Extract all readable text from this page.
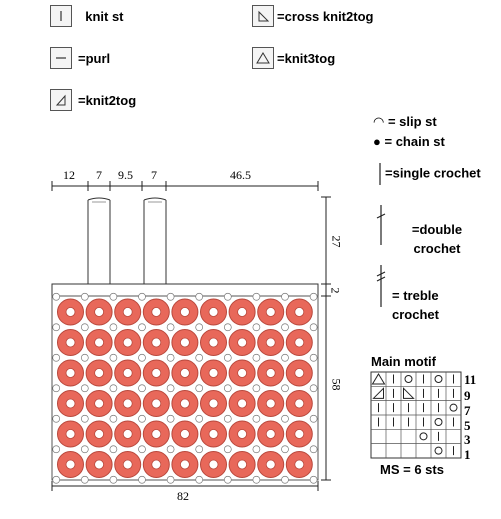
knit st
=purl
=knit2tog
=cross knit2tog
=knit3tog
◠ = slip st
● = chain st
=single crochet
=double crochet
= treble crochet
12 7 9.5 7	46.5
27
2
58
82
Main motif
MS = 6 sts
11
9
7
5
3
1
